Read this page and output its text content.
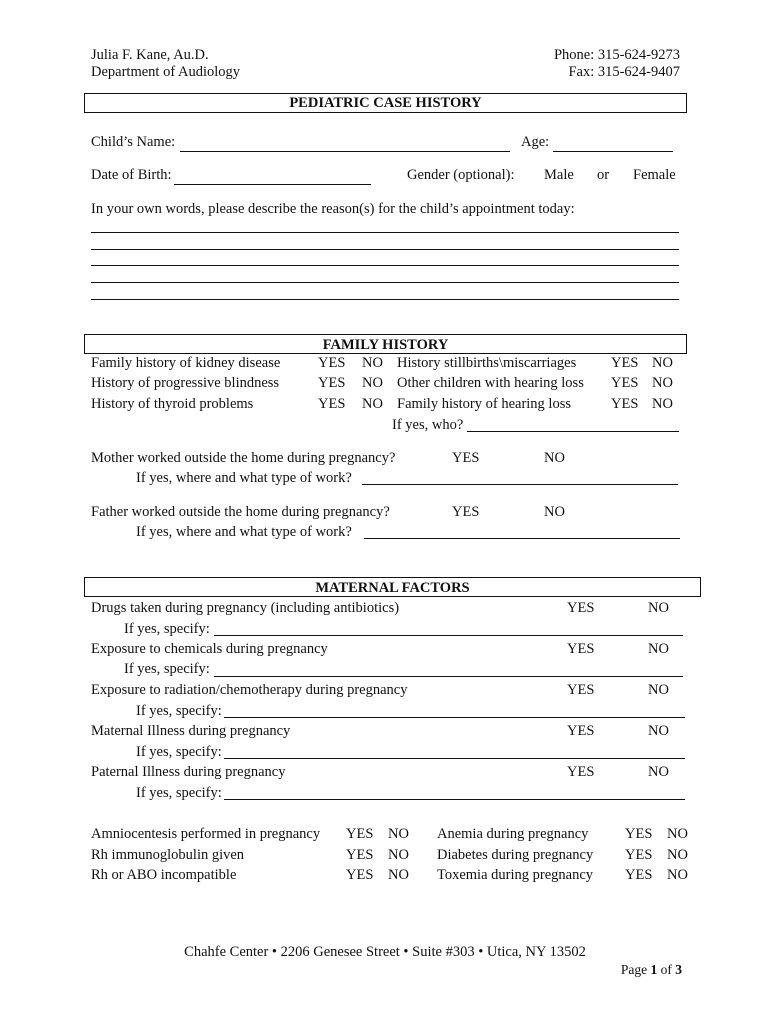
Julia F. Kane, Au.D.
Department of Audiology
Phone: 315-624-9273
Fax: 315-624-9407
PEDIATRIC CASE HISTORY
Child’s Name:	Age:
Date of Birth:	Gender (optional): Male or Female
In your own words, please describe the reason(s) for the child’s appointment today:
FAMILY HISTORY
Family history of kidney disease	YES NO History stillbirths\miscarriages YES NO
History of progressive blindness	YES NO Other children with hearing loss YES NO
History of thyroid problems	YES NO Family history of hearing loss	YES NO
If yes, who?
Mother worked outside the home during pregnancy?	YES	NO
If yes, where and what type of work?
Father worked outside the home during pregnancy?	YES	NO
If yes, where and what type of work?
MATERNAL FACTORS
Drugs taken during pregnancy (including antibiotics)	YES	NO
If yes, specify:
Exposure to chemicals during pregnancy	YES	NO
If yes, specify:
Exposure to radiation/chemotherapy during pregnancy	YES	NO
If yes, specify:
Maternal Illness during pregnancy	YES	NO
If yes, specify:
Paternal Illness during pregnancy	YES	NO
If yes, specify:
Amniocentesis performed in pregnancy YES NO Anemia during pregnancy	YES NO
Rh immunoglobulin given	YES NO Diabetes during pregnancy YES NO
Rh or ABO incompatible	YES NO Toxemia during pregnancy YES NO
Chahfe Center • 2206 Genesee Street • Suite #303 • Utica, NY 13502
Page 1 of 3
